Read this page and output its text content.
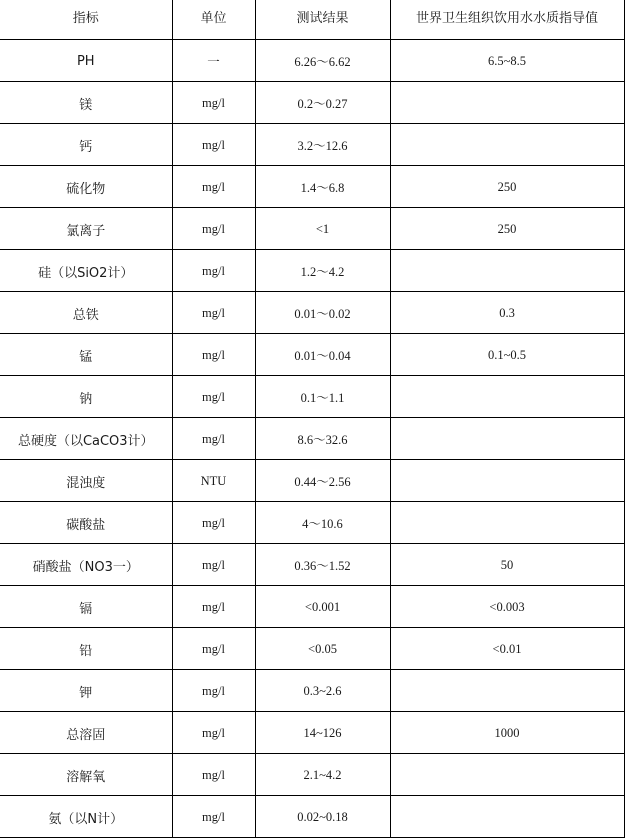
指标	单位	测试结果	世界卫生组织饮用水水质指导值
PH	一	6.26～6.62	6.5~8.5
镁	mg/l	0.2～0.27	
钙	mg/l	3.2～12.6	
硫化物	mg/l	1.4～6.8	250
氯离子	mg/l	<1	250
硅（以SiO2计）	mg/l	1.2～4.2	
总铁	mg/l	0.01～0.02	0.3
锰	mg/l	0.01～0.04	0.1~0.5
钠	mg/l	0.1～1.1	
总硬度（以CaCO3计）	mg/l	8.6～32.6	
混浊度	NTU	0.44～2.56	
碳酸盐	mg/l	4～10.6	
硝酸盐（NO3一）	mg/l	0.36～1.52	50
镉	mg/l	<0.001	<0.003
铅	mg/l	<0.05	<0.01
钾	mg/l	0.3~2.6	
总溶固	mg/l	14~126	1000
溶解氧	mg/l	2.1~4.2	
氨（以N计）	mg/l	0.02~0.18	
